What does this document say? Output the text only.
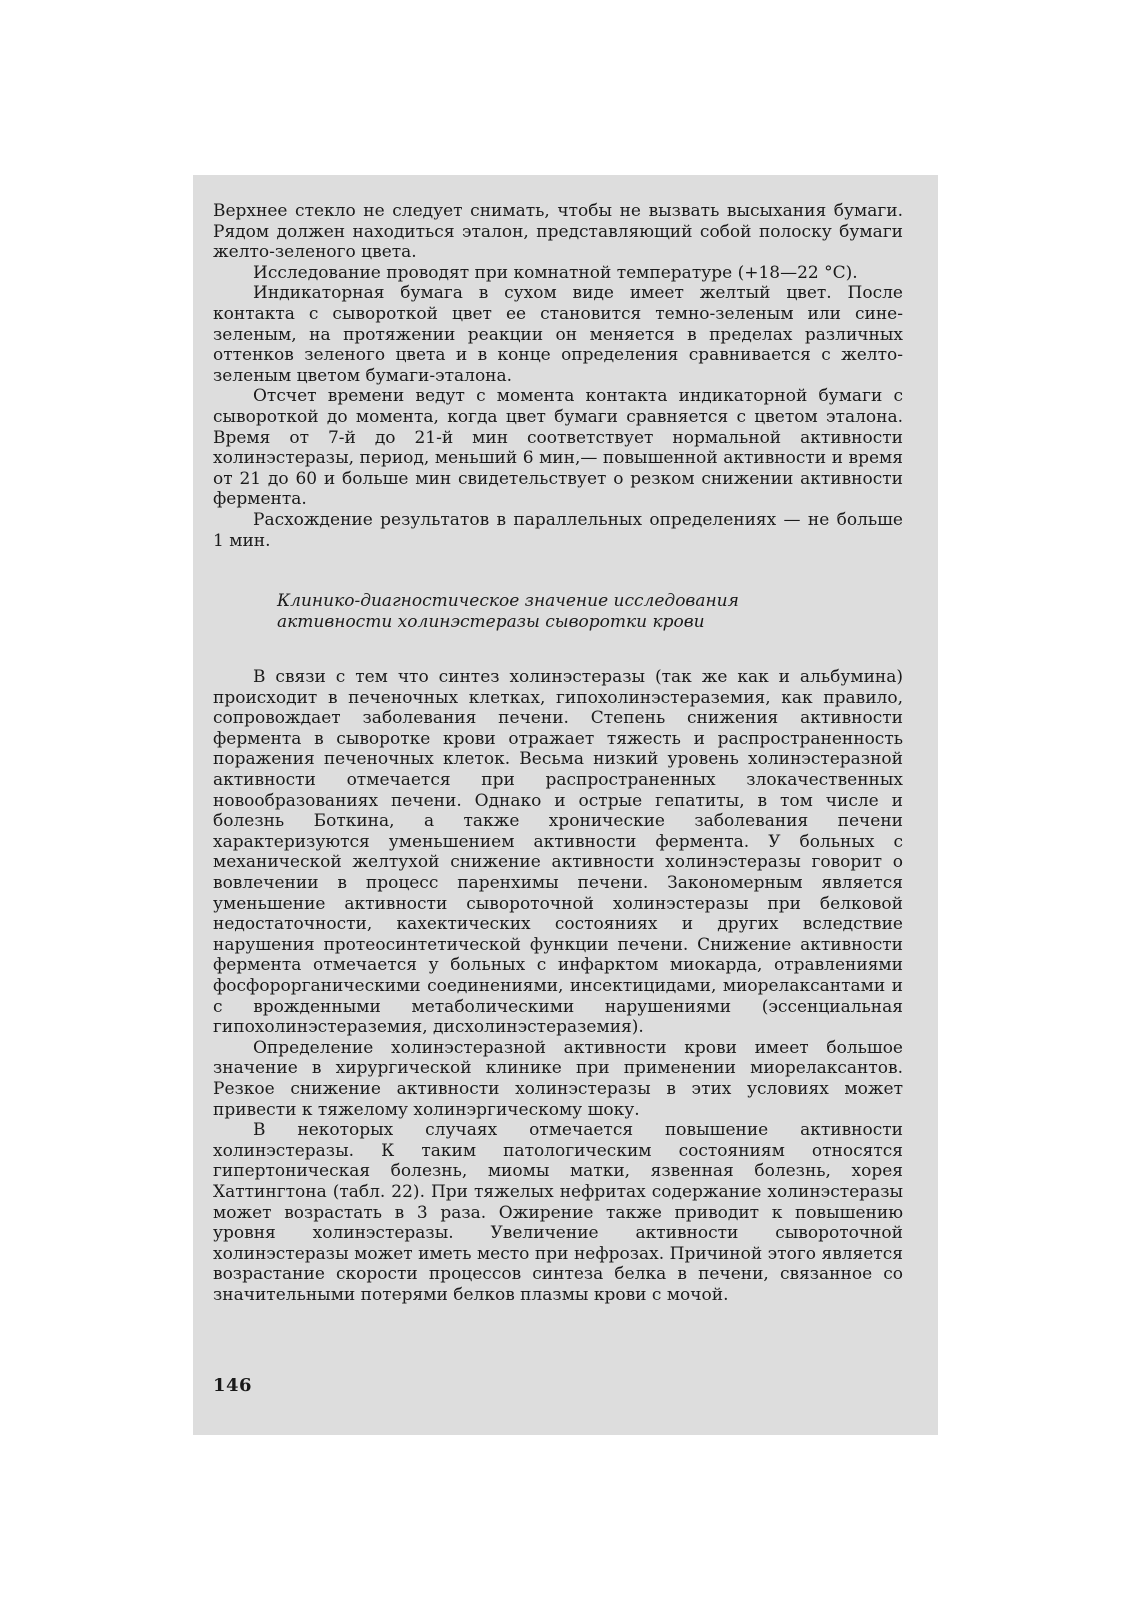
Верхнее стекло не следует снимать, чтобы не вызвать высыхания бумаги. Рядом должен находиться эталон, представляющий собой полоску бумаги желто-зеленого цвета.

Исследование проводят при комнатной температуре (+18—22 °С).

Индикаторная бумага в сухом виде имеет желтый цвет. После контакта с сывороткой цвет ее становится темно-зеленым или сине-зеленым, на протяжении реакции он меняется в пределах различных оттенков зеленого цвета и в конце определения сравнивается с желто-зеленым цветом бумаги-эталона.

Отсчет времени ведут с момента контакта индикаторной бумаги с сывороткой до момента, когда цвет бумаги сравняется с цветом эталона. Время от 7-й до 21-й мин соответствует нормальной активности холинэстеразы, период, меньший 6 мин,— повышенной активности и время от 21 до 60 и больше мин свидетельствует о резком снижении активности фермента.

Расхождение результатов в параллельных определениях — не больше 1 мин.

Клинико-диагностическое значение исследования

активности холинэстеразы сыворотки крови

В связи с тем что синтез холинэстеразы (так же как и альбумина) происходит в печеночных клетках, гипохолинэстераземия, как правило, сопровождает заболевания печени. Степень снижения активности фермента в сыворотке крови отражает тяжесть и распространенность поражения печеночных клеток. Весьма низкий уровень холинэстеразной активности отмечается при распространенных злокачественных новообразованиях печени. Однако и острые гепатиты, в том числе и болезнь Боткина, а также хронические заболевания печени характеризуются уменьшением активности фермента. У больных с механической желтухой снижение активности холинэстеразы говорит о вовлечении в процесс паренхимы печени. Закономерным является уменьшение активности сывороточной холинэстеразы при белковой недостаточности, кахектических состояниях и других вследствие нарушения протеосинтетической функции печени. Снижение активности фермента отмечается у больных с инфарктом миокарда, отравлениями фосфорорганическими соединениями, инсектицидами, миорелаксантами и с врожденными метаболическими нарушениями (эссенциальная гипохолинэстераземия, дисхолинэстераземия).

Определение холинэстеразной активности крови имеет большое значение в хирургической клинике при применении миорелаксантов. Резкое снижение активности холинэстеразы в этих условиях может привести к тяжелому холинэргическому шоку.

В некоторых случаях отмечается повышение активности холинэстеразы. К таким патологическим состояниям относятся гипертоническая болезнь, миомы матки, язвенная болезнь, хорея Хаттингтона (табл. 22). При тяжелых нефритах содержание холинэстеразы может возрастать в 3 раза. Ожирение также приводит к повышению уровня холинэстеразы. Увеличение активности сывороточной холинэстеразы может иметь место при нефрозах. Причиной этого является возрастание скорости процессов синтеза белка в печени, связанное со значительными потерями белков плазмы крови с мочой.

146
